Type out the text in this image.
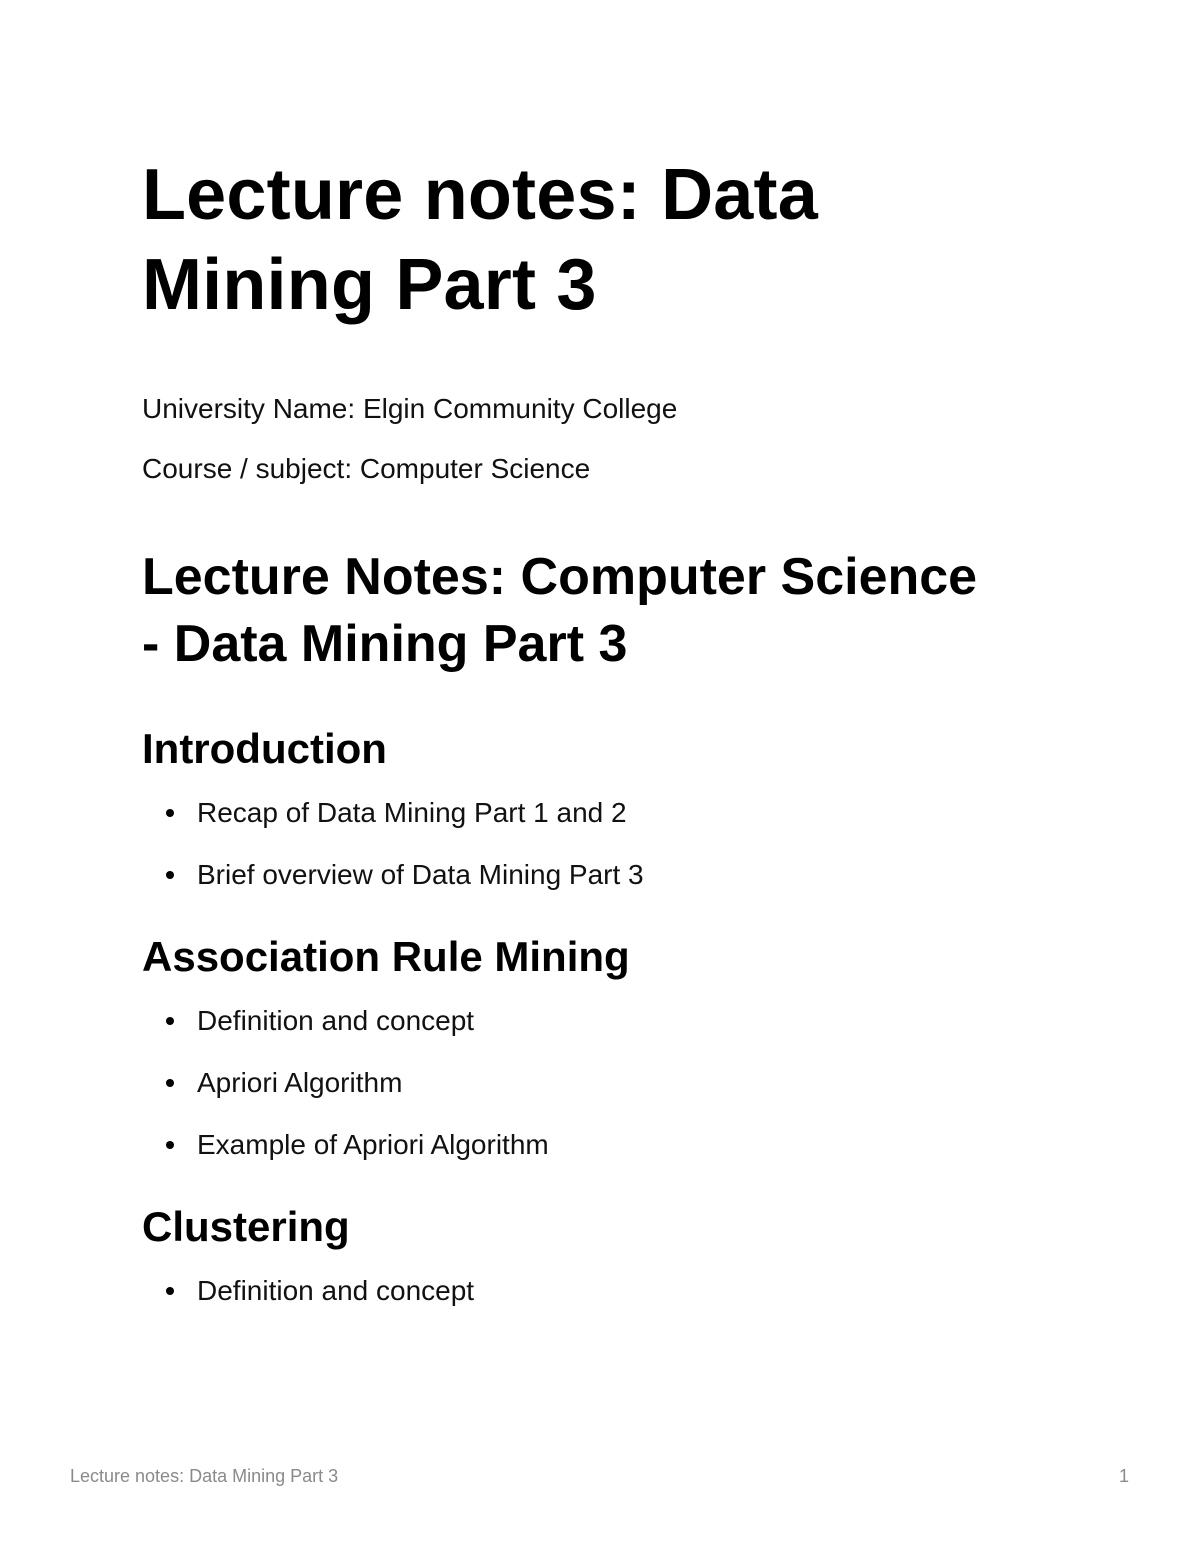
Lecture notes: Data
Mining Part 3

University Name: Elgin Community College

Course / subject: Computer Science

Lecture Notes: Computer Science
- Data Mining Part 3
Introduction
Recap of Data Mining Part 1 and 2
Brief overview of Data Mining Part 3
Association Rule Mining
Definition and concept
Apriori Algorithm
Example of Apriori Algorithm
Clustering
Definition and concept
Lecture notes: Data Mining Part 3	1
